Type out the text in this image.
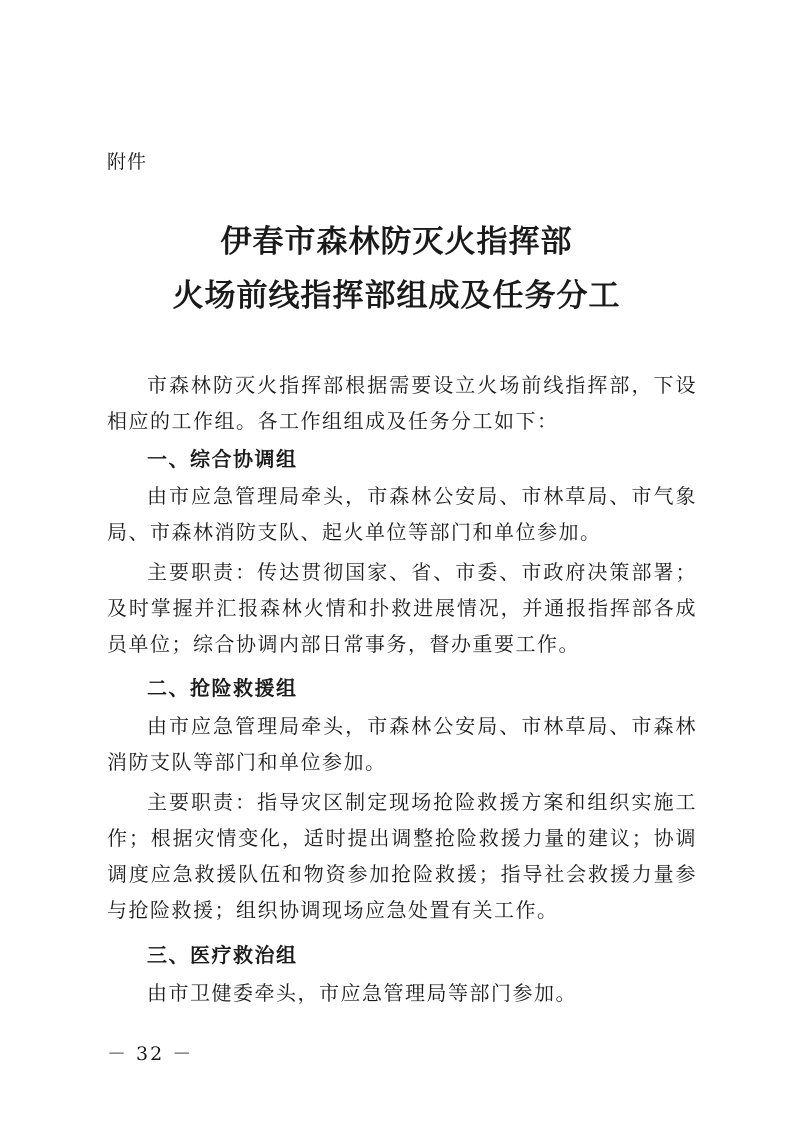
附件
伊春市森林防灭火指挥部
火场前线指挥部组成及任务分工
市森林防灭火指挥部根据需要设立火场前线指挥部，下设相应的工作组。各工作组组成及任务分工如下：
一、综合协调组
由市应急管理局牵头，市森林公安局、市林草局、市气象局、市森林消防支队、起火单位等部门和单位参加。
主要职责：传达贯彻国家、省、市委、市政府决策部署；及时掌握并汇报森林火情和扑救进展情况，并通报指挥部各成员单位；综合协调内部日常事务，督办重要工作。
二、抢险救援组
由市应急管理局牵头，市森林公安局、市林草局、市森林消防支队等部门和单位参加。
主要职责：指导灾区制定现场抢险救援方案和组织实施工作；根据灾情变化，适时提出调整抢险救援力量的建议；协调调度应急救援队伍和物资参加抢险救援；指导社会救援力量参与抢险救援；组织协调现场应急处置有关工作。
三、医疗救治组
由市卫健委牵头，市应急管理局等部门参加。
－ 32 －
